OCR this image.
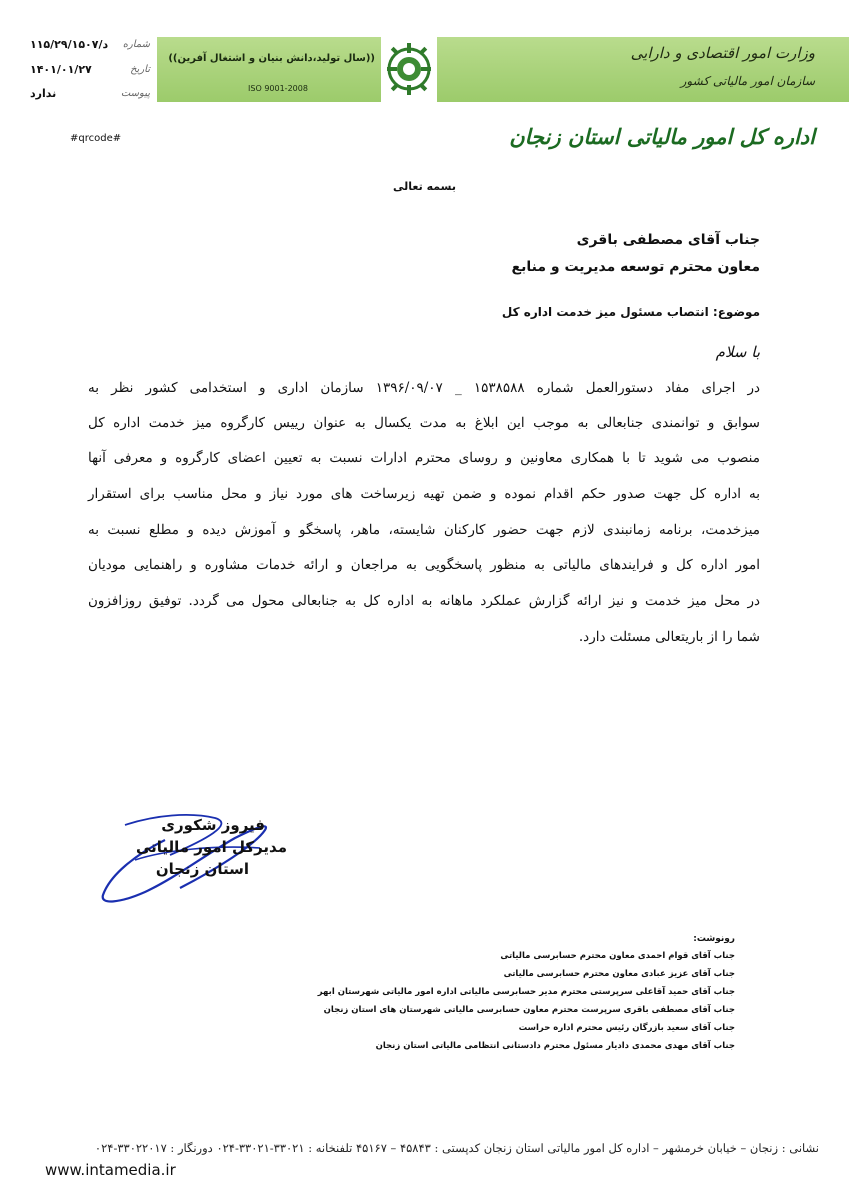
((سال تولید،دانش بنیان و اشتغال آفرین))
ISO 9001-2008
وزارت امور اقتصادی و دارایی
سازمان امور مالیاتی کشور
اداره کل امور مالیاتی استان زنجان
د/۱۱۵/۲۹/۱۵۰۷	شماره
۱۴۰۱/۰۱/۲۷	تاریخ
ندارد	پیوست
#qrcode#
بسمه تعالی
جناب آقای مصطفی باقری
معاون محترم توسعه مدیریت و منابع
موضوع: انتصاب مسئول میز خدمت اداره کل
با سلام
در اجرای مفاد دستورالعمل شماره ۱۵۳۸۵۸۸ _ ۱۳۹۶/۰۹/۰۷ سازمان اداری و استخدامی کشور نظر به
سوابق و توانمندی جنابعالی به موجب این ابلاغ به مدت یکسال به عنوان رییس کارگروه میز خدمت اداره کل
منصوب می شوید تا با همکاری معاونین و روسای محترم ادارات نسبت به تعیین اعضای کارگروه و معرفی آنها
به اداره کل جهت صدور حکم اقدام نموده و ضمن تهیه زیرساخت های مورد نیاز و محل مناسب برای استقرار
میزخدمت، برنامه زمانبندی لازم جهت حضور کارکنان شایسته، ماهر، پاسخگو و آموزش دیده و مطلع نسبت به
امور اداره کل و فرایندهای مالیاتی به منظور پاسخگویی به مراجعان و ارائه خدمات مشاوره و راهنمایی مودیان
در محل میز خدمت و نیز ارائه گزارش عملکرد ماهانه به اداره کل به جنابعالی محول می گردد. توفیق روزافزون
شما را از باریتعالی مسئلت دارد.
فیروز شکوری
مدیرکل امور مالیاتی
استان زنجان
رونوشت:
جناب آقای قوام احمدی معاون محترم حسابرسی مالیاتی
جناب آقای عزیز عبادی معاون محترم حسابرسی مالیاتی
جناب آقای حمید آقاعلی سرپرستی محترم مدیر حسابرسی مالیاتی اداره امور مالیاتی شهرستان ابهر
جناب آقای مصطفی باقری سرپرست محترم معاون حسابرسی مالیاتی شهرستان های استان زنجان
جناب آقای سعید بازرگان رئیس محترم اداره حراست
جناب آقای مهدی محمدی دادیار مسئول محترم دادستانی انتظامی مالیاتی استان زنجان
نشانی : زنجان – خیابان خرمشهر – اداره کل امور مالیاتی استان زنجان کدپستی : ۴۵۸۴۳ – ۴۵۱۶۷ تلفنخانه : ۳۳۰۲۱-۳۳۰۲۱-۰۲۴ دورنگار : ۳۳۰۲۲۰۱۷-۰۲۴
www.intamedia.ir
